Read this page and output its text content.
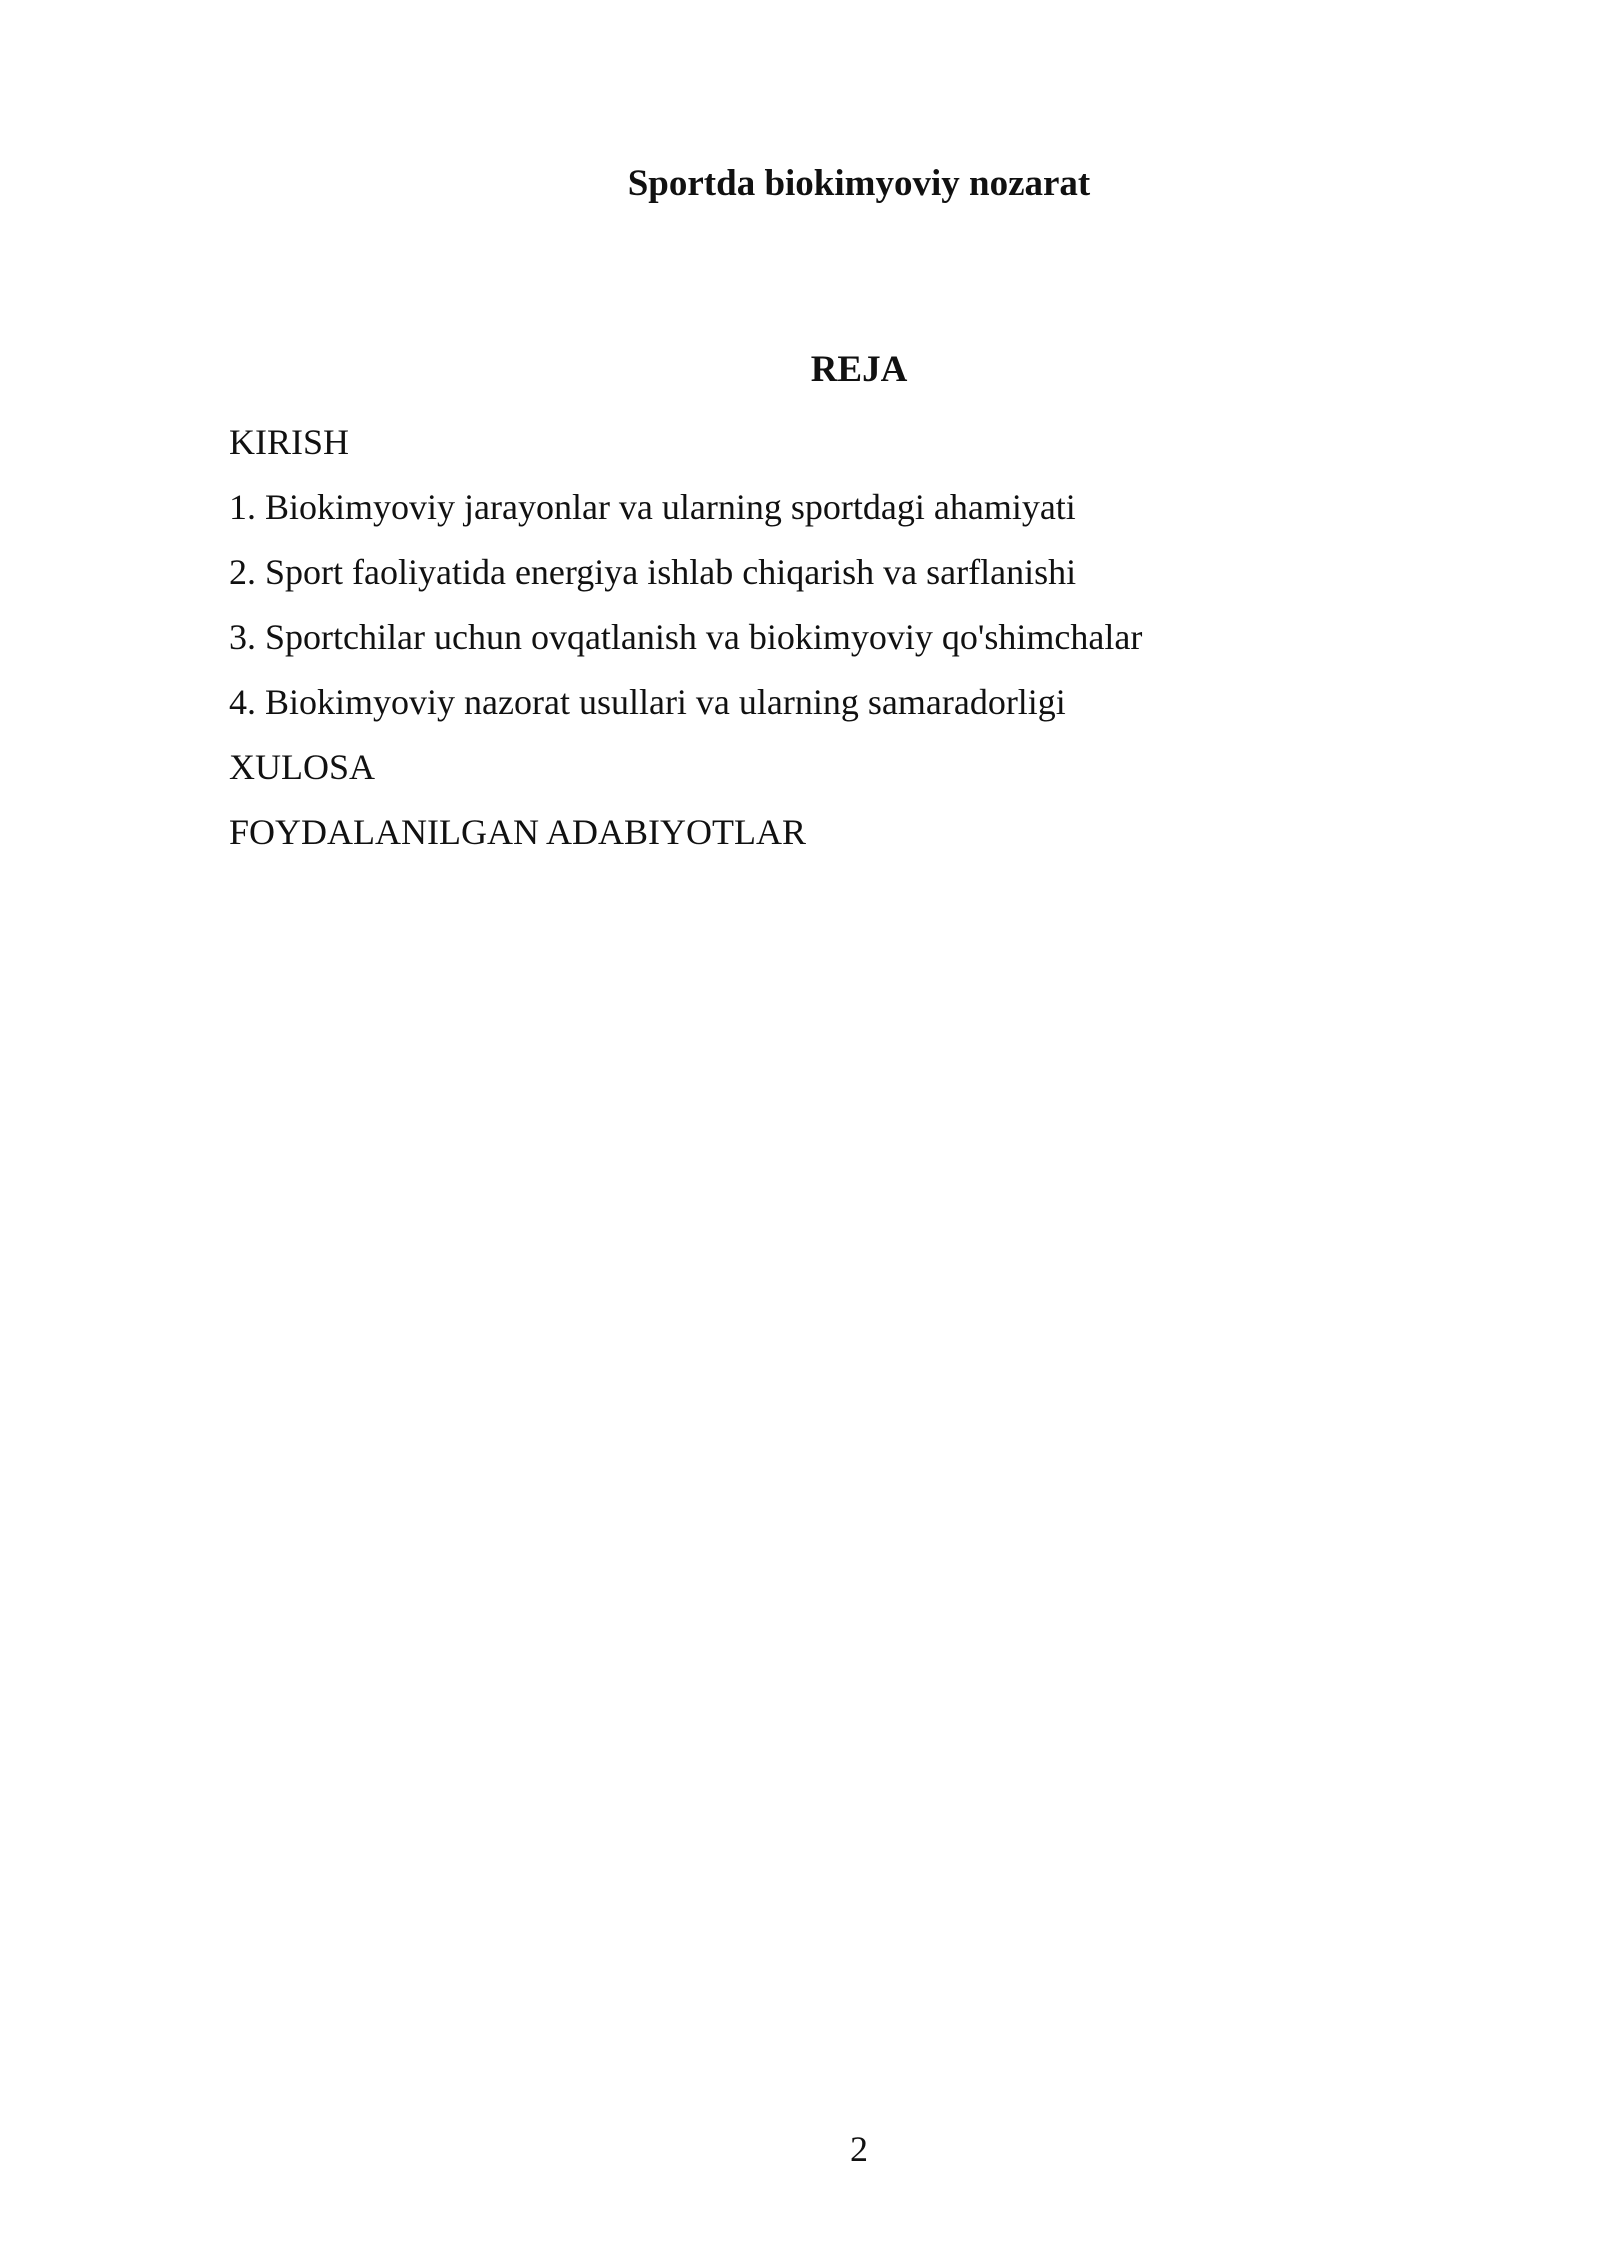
Sportda biokimyoviy nozarat
REJA
KIRISH
1. Biokimyoviy jarayonlar va ularning sportdagi ahamiyati
2. Sport faoliyatida energiya ishlab chiqarish va sarflanishi
3. Sportchilar uchun ovqatlanish va biokimyoviy qo'shimchalar
4. Biokimyoviy nazorat usullari va ularning samaradorligi
XULOSA
FOYDALANILGAN ADABIYOTLAR
2
